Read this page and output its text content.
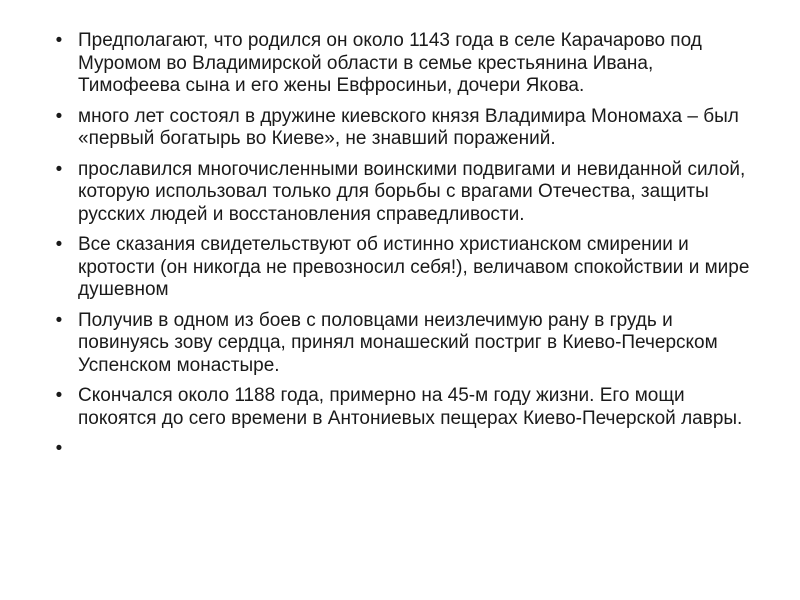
• Предполагают, что родился он около 1143 года в селе Карачарово под Муромом во Владимирской области в семье крестьянина Ивана, Тимофеева сына и его жены Евфросиньи, дочери Якова.
• много лет состоял в дружине киевского князя Владимира Мономаха – был «первый богатырь во Киеве», не знавший поражений.
• прославился многочисленными воинскими подвигами и невиданной силой, которую использовал только для борьбы с врагами Отечества, защиты русских людей и восстановления справедливости.
• Все сказания свидетельствуют об истинно христианском смирении и кротости (он никогда не превозносил себя!), величавом спокойствии и мире душевном
• Получив в одном из боев с половцами неизлечимую рану в грудь и повинуясь зову сердца, принял монашеский постриг в Киево-Печерском Успенском монастыре.
• Скончался около 1188 года, примерно на 45-м году жизни. Его мощи покоятся до сего времени в Антониевых пещерах Киево-Печерской лавры.
•
